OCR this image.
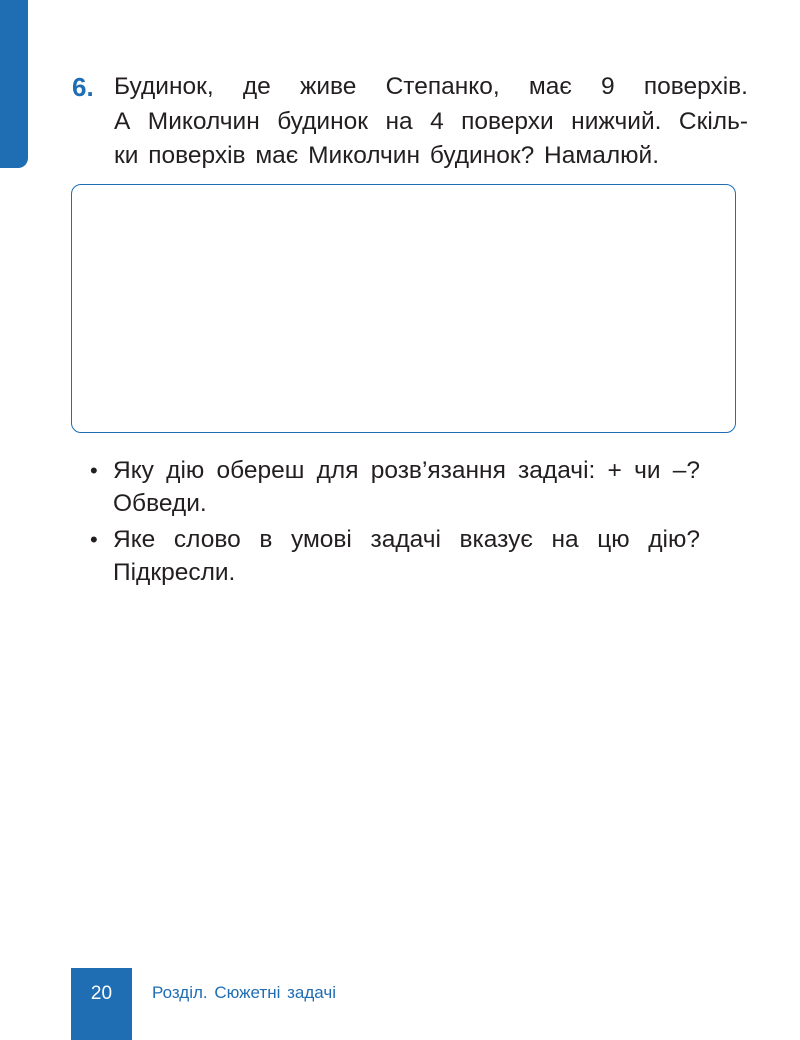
6. Будинок, де живе Степанко, має 9 поверхів.
А Миколчин будинок на 4 поверхи нижчий. Скіль-
ки поверхів має Миколчин будинок? Намалюй.

• Яку дію обереш для розв’язання задачі: + чи –?
Обведи.
• Яке слово в умові задачі вказує на цю дію?
Підкресли.
20	Розділ. Сюжетні задачі
